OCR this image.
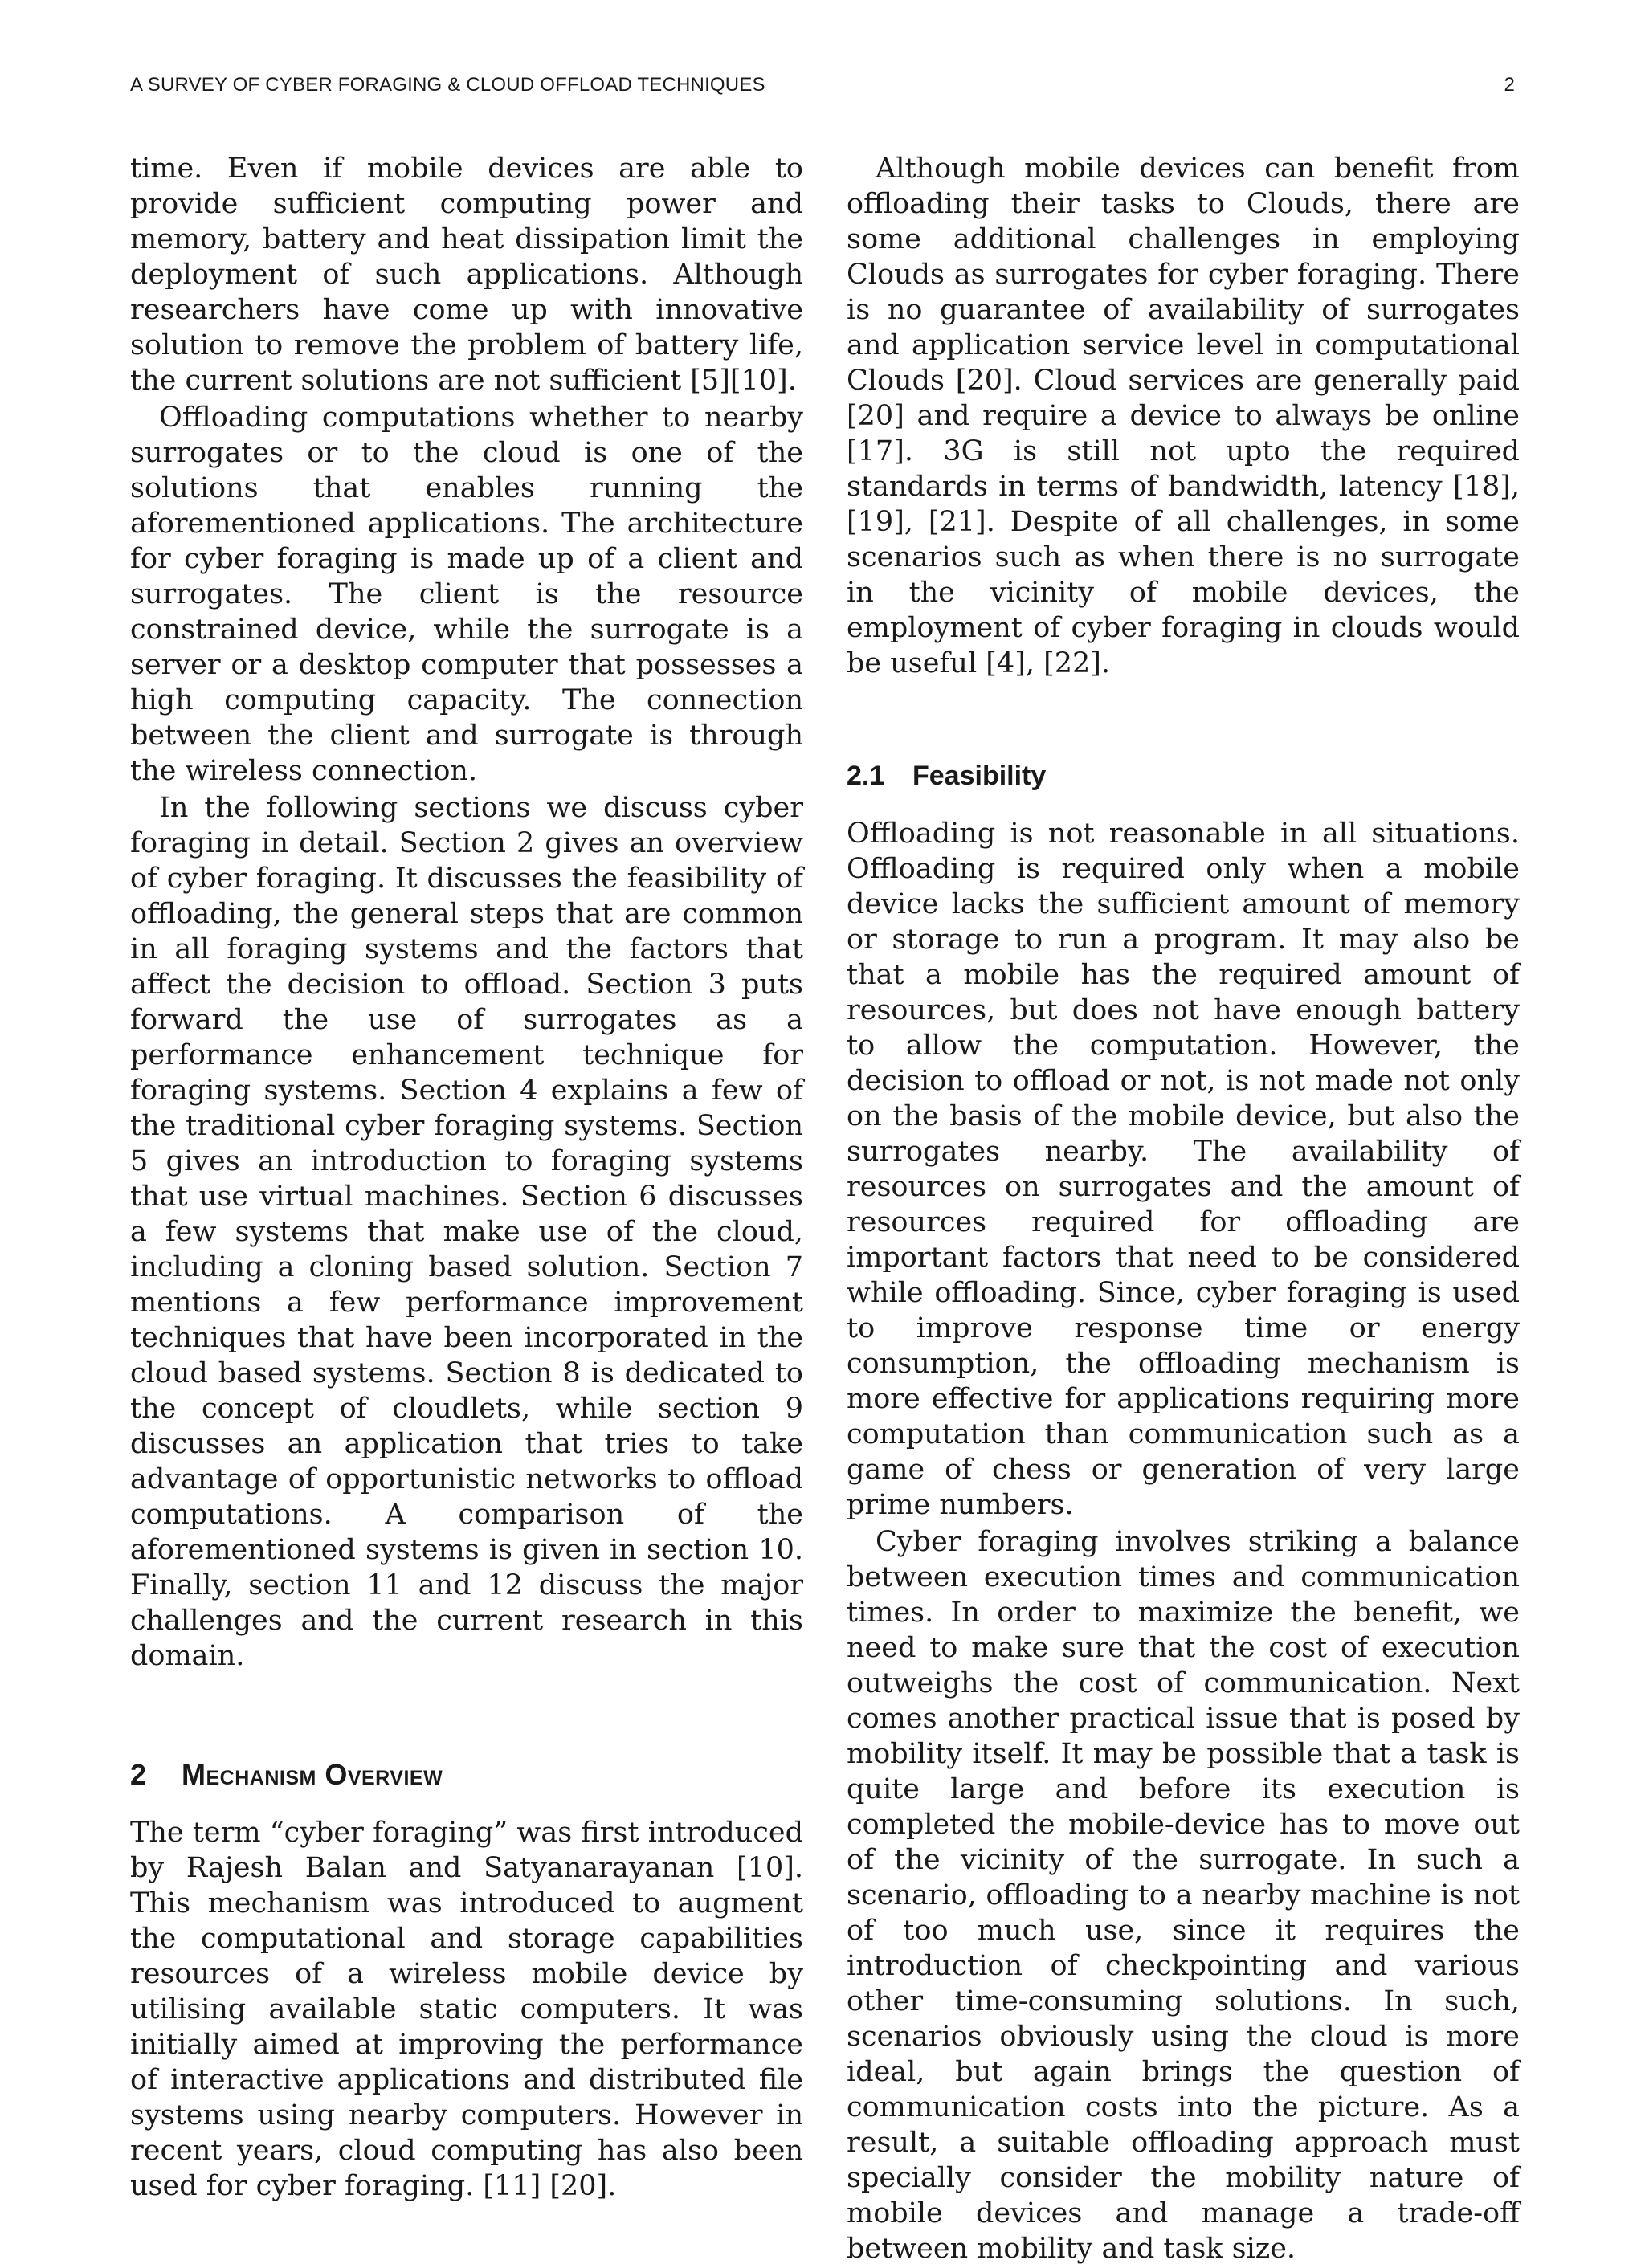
A SURVEY OF CYBER FORAGING & CLOUD OFFLOAD TECHNIQUES	2

time. Even if mobile devices are able to provide sufficient computing power and memory, battery and heat dissipation limit the deployment of such applications. Although researchers have come up with innovative solution to remove the problem of battery life, the current solutions are not sufficient [5][10].

Offloading computations whether to nearby surrogates or to the cloud is one of the solutions that enables running the aforementioned applications. The architecture for cyber foraging is made up of a client and surrogates. The client is the resource constrained device, while the surrogate is a server or a desktop computer that possesses a high computing capacity. The connection between the client and surrogate is through the wireless connection.

In the following sections we discuss cyber foraging in detail. Section 2 gives an overview of cyber foraging. It discusses the feasibility of offloading, the general steps that are common in all foraging systems and the factors that affect the decision to offload. Section 3 puts forward the use of surrogates as a performance enhancement technique for foraging systems. Section 4 explains a few of the traditional cyber foraging systems. Section 5 gives an introduction to foraging systems that use virtual machines. Section 6 discusses a few systems that make use of the cloud, including a cloning based solution. Section 7 mentions a few performance improvement techniques that have been incorporated in the cloud based systems. Section 8 is dedicated to the concept of cloudlets, while section 9 discusses an application that tries to take advantage of opportunistic networks to offload computations. A comparison of the aforementioned systems is given in section 10. Finally, section 11 and 12 discuss the major challenges and the current research in this domain.

2 Mechanism Overview

The term “cyber foraging” was first introduced by Rajesh Balan and Satyanarayanan [10]. This mechanism was introduced to augment the computational and storage capabilities resources of a wireless mobile device by utilising available static computers. It was initially aimed at improving the performance of interactive applications and distributed file systems using nearby computers. However in recent years, cloud computing has also been used for cyber foraging. [11] [20].

Although mobile devices can benefit from offloading their tasks to Clouds, there are some additional challenges in employing Clouds as surrogates for cyber foraging. There is no guarantee of availability of surrogates and application service level in computational Clouds [20]. Cloud services are generally paid [20] and require a device to always be online [17]. 3G is still not upto the required standards in terms of bandwidth, latency [18], [19], [21]. Despite of all challenges, in some scenarios such as when there is no surrogate in the vicinity of mobile devices, the employment of cyber foraging in clouds would be useful [4], [22].

2.1 Feasibility

Offloading is not reasonable in all situations. Offloading is required only when a mobile device lacks the sufficient amount of memory or storage to run a program. It may also be that a mobile has the required amount of resources, but does not have enough battery to allow the computation. However, the decision to offload or not, is not made not only on the basis of the mobile device, but also the surrogates nearby. The availability of resources on surrogates and the amount of resources required for offloading are important factors that need to be considered while offloading. Since, cyber foraging is used to improve response time or energy consumption, the offloading mechanism is more effective for applications requiring more computation than communication such as a game of chess or generation of very large prime numbers.

Cyber foraging involves striking a balance between execution times and communication times. In order to maximize the benefit, we need to make sure that the cost of execution outweighs the cost of communication. Next comes another practical issue that is posed by mobility itself. It may be possible that a task is quite large and before its execution is completed the mobile-device has to move out of the vicinity of the surrogate. In such a scenario, offloading to a nearby machine is not of too much use, since it requires the introduction of checkpointing and various other time-consuming solutions. In such, scenarios obviously using the cloud is more ideal, but again brings the question of communication costs into the picture. As a result, a suitable offloading approach must specially consider the mobility nature of mobile devices and manage a trade-off between mobility and task size.
